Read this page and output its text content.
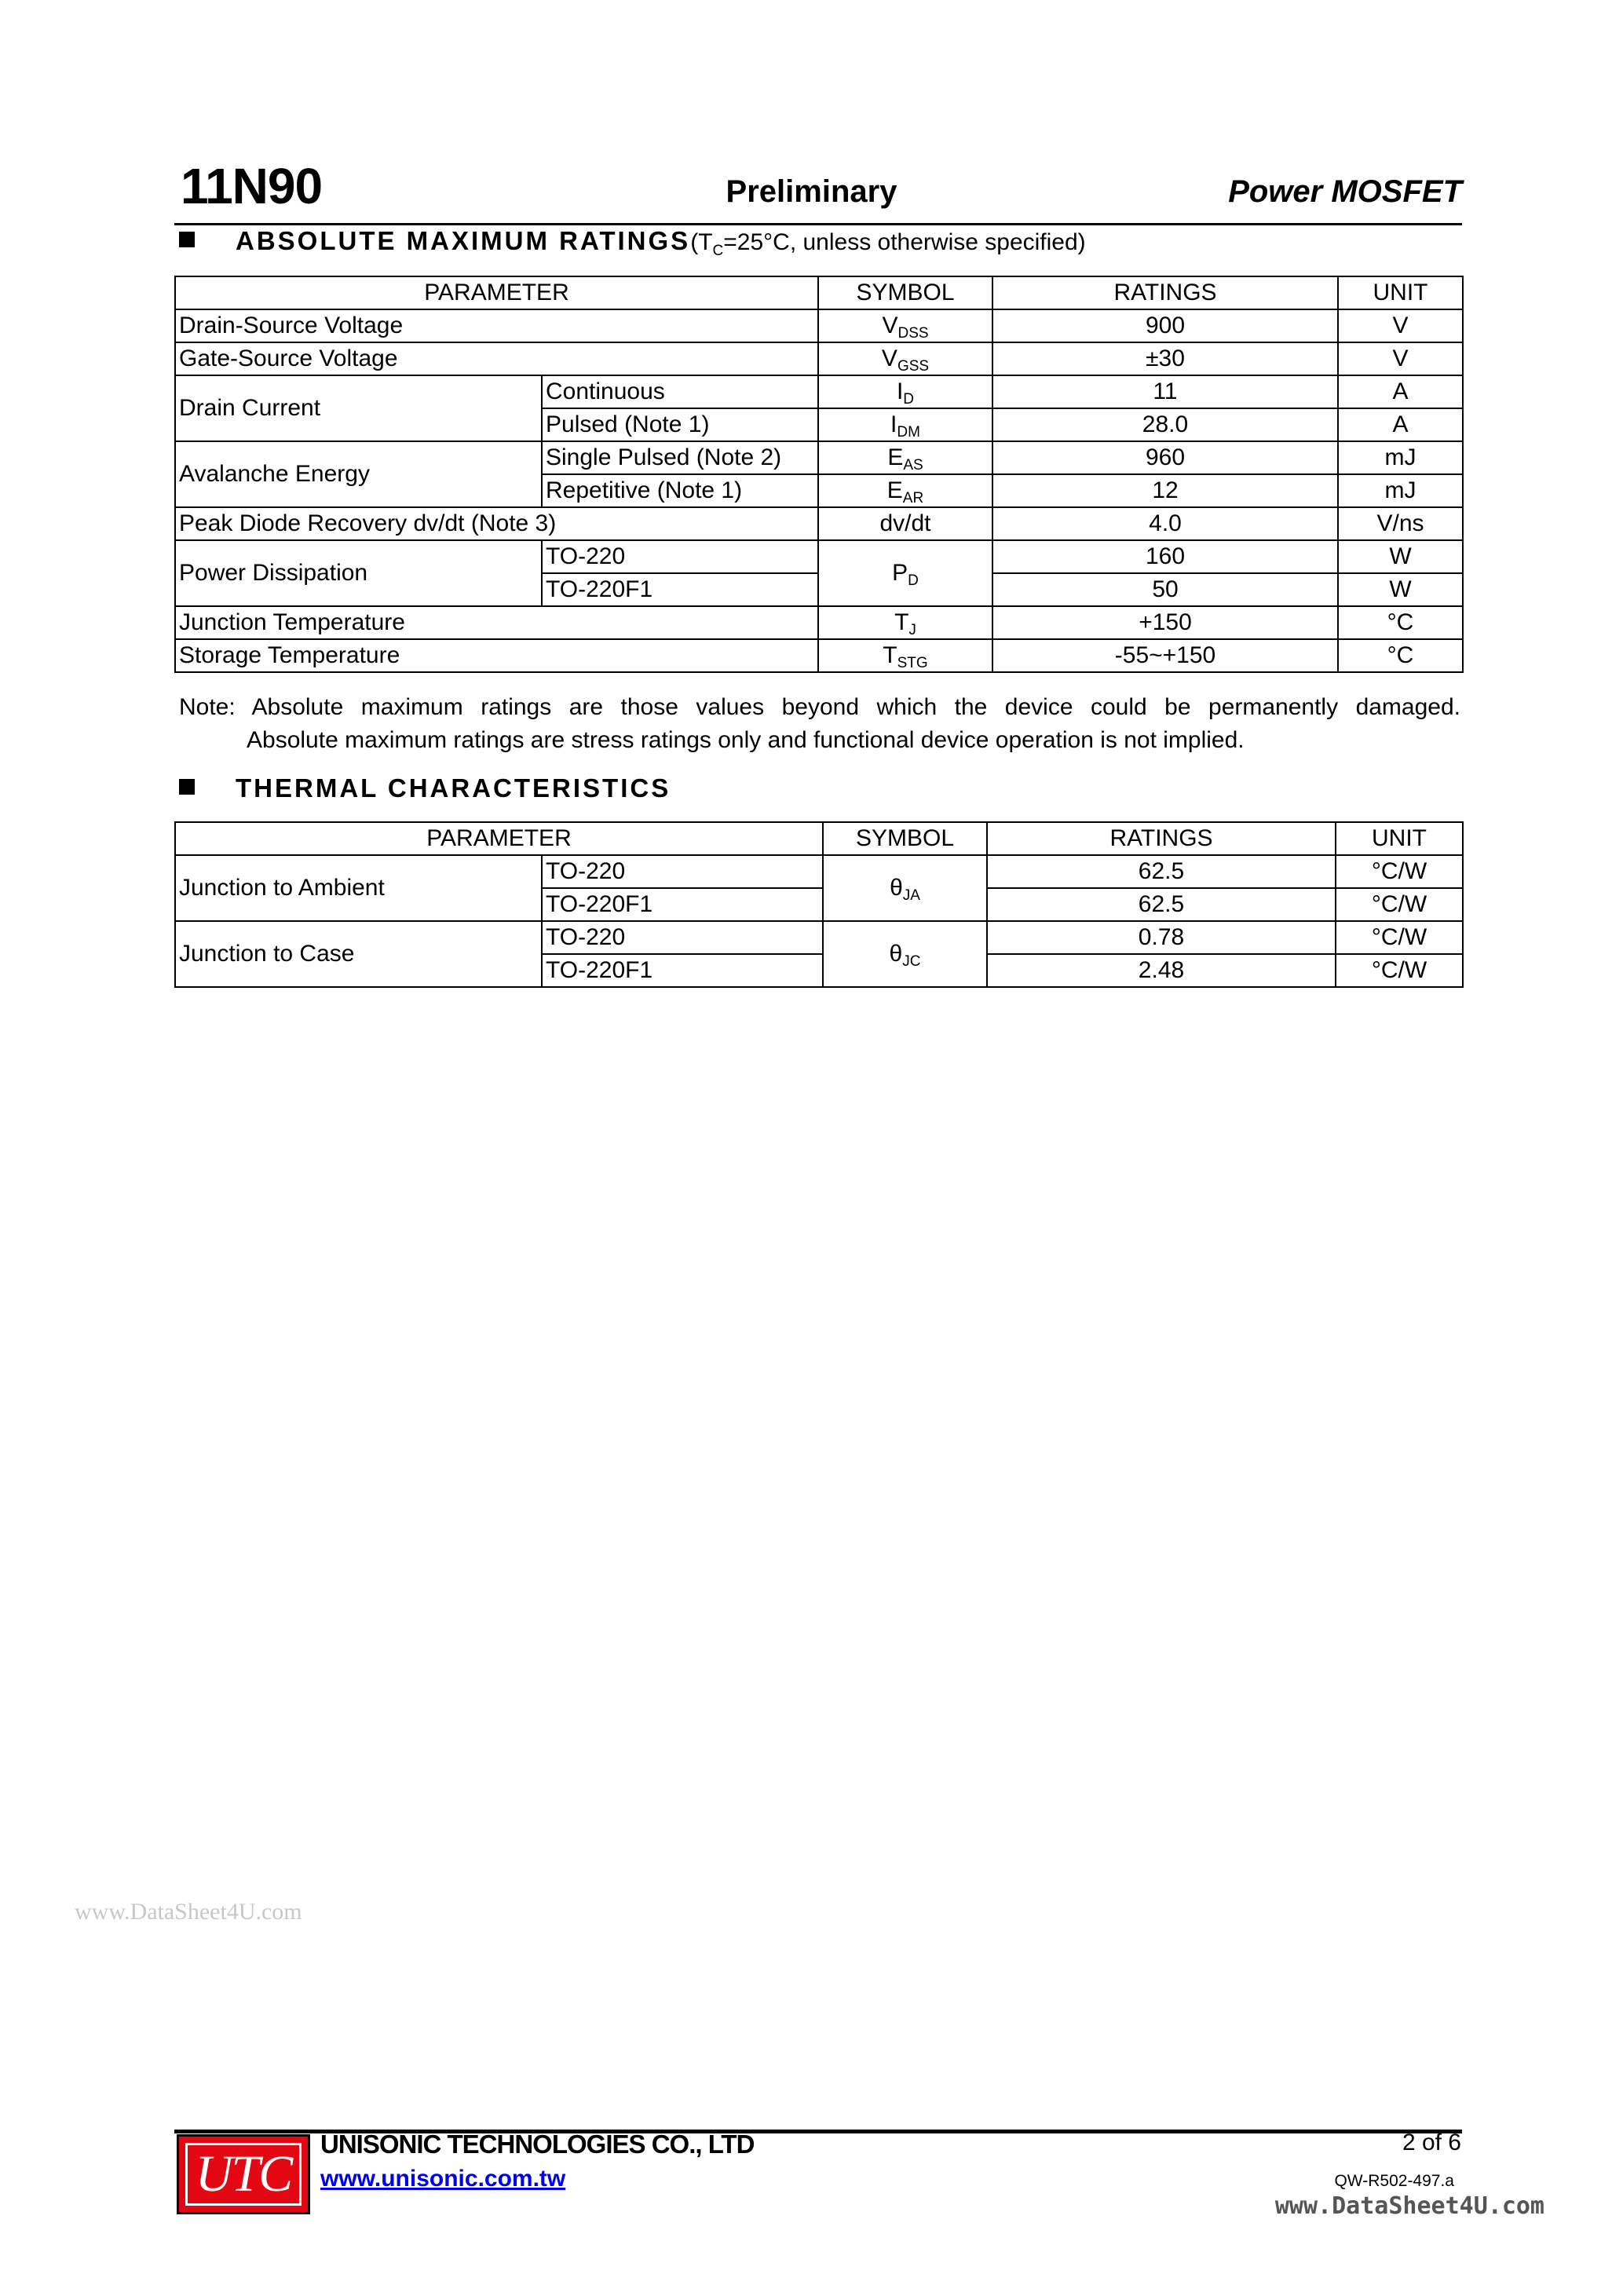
11N90	Preliminary	Power MOSFET
ABSOLUTE MAXIMUM RATINGS ($T_C=25^\circ C$, unless otherwise specified)
PARAMETER		SYMBOL	RATINGS	UNIT
Drain-Source Voltage		$V_{DSS}$	900	V
Gate-Source Voltage		$V_{GSS}$	±30	V
Drain Current	Continuous	$I_D$	11	A
	Pulsed (Note 1)	$I_{DM}$	28.0	A
Avalanche Energy	Single Pulsed (Note 2)	$E_{AS}$	960	mJ
	Repetitive (Note 1)	$E_{AR}$	12	mJ
Peak Diode Recovery dv/dt (Note 3)		dv/dt	4.0	V/ns
Power Dissipation	TO-220	$P_D$	160	W
	TO-220F1		50	W
Junction Temperature		$T_J$	+150	°C
Storage Temperature		$T_{STG}$	-55~+150	°C
Note: Absolute maximum ratings are those values beyond which the device could be permanently damaged.
Absolute maximum ratings are stress ratings only and functional device operation is not implied.
THERMAL CHARACTERISTICS
PARAMETER		SYMBOL	RATINGS	UNIT
Junction to Ambient	TO-220	$\theta_{JA}$	62.5	°C/W
	TO-220F1		62.5	°C/W
Junction to Case	TO-220	$\theta_{JC}$	0.78	°C/W
	TO-220F1		2.48	°C/W
www.DataSheet4U.com
UTC
UNISONIC TECHNOLOGIES CO., LTD
www.unisonic.com.tw
2 of 6
QW-R502-497.a
www.DataSheet4U.com
